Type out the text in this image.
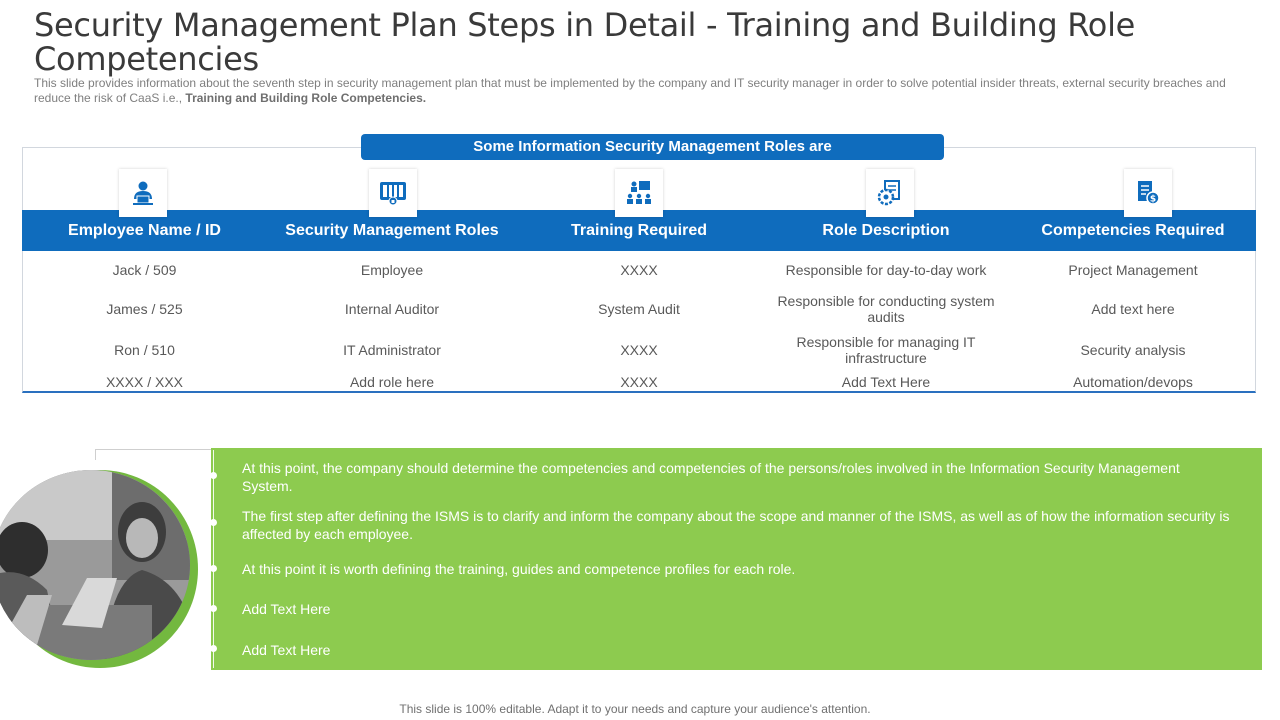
Security Management Plan Steps in Detail - Training and Building Role Competencies
This slide provides information about the seventh step in security management plan that must be implemented by the company and IT security manager in order to solve potential insider threats, external security breaches and reduce the risk of CaaS i.e., Training and Building Role Competencies.
Some Information Security Management Roles are
$
Employee Name / ID	Security Management Roles	Training Required	Role Description	Competencies Required
Jack / 509	Employee	XXXX	Responsible for day-to-day work	Project Management
James / 525	Internal Auditor	System Audit	Responsible for conducting system audits	Add text here
Ron / 510	IT Administrator	XXXX	Responsible for managing IT infrastructure	Security analysis
XXXX / XXX	Add role here	XXXX	Add Text Here	Automation/devops
At this point, the company should determine the competencies and competencies of the persons/roles involved in the Information Security Management System.
The first step after defining the ISMS is to clarify and inform the company about the scope and manner of the ISMS, as well as of how the information security is affected by each employee.
At this point it is worth defining the training, guides and competence profiles for each role.
Add Text Here
Add Text Here
This slide is 100% editable. Adapt it to your needs and capture your audience's attention.
